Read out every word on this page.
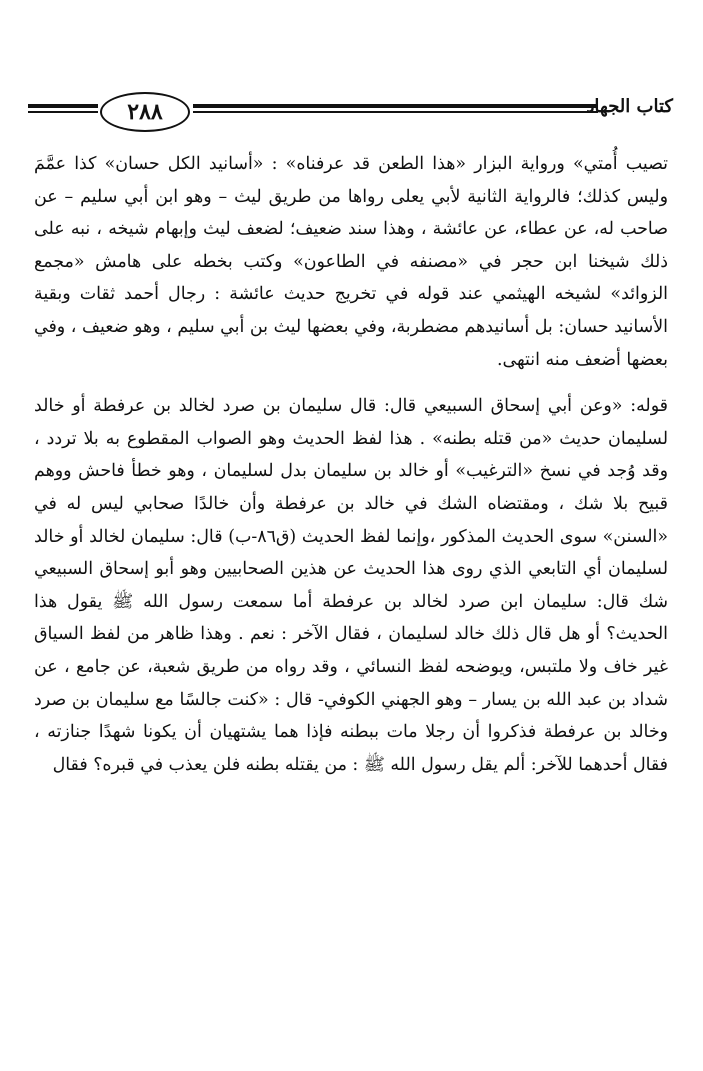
٢٨٨	كتاب الجهاد

تصيب أُمتي» ورواية البزار «هذا الطعن قد عرفناه» : «أسانيد الكل حسان» كذا عمَّمَ وليس كذلك؛ فالرواية الثانية لأبي يعلى رواها من طريق ليث – وهو ابن أبي سليم – عن صاحب له، عن عطاء، عن عائشة ، وهذا سند ضعيف؛ لضعف ليث وإبهام شيخه ، نبه على ذلك شيخنا ابن حجر في «مصنفه في الطاعون» وكتب بخطه على هامش «مجمع الزوائد» لشيخه الهيثمي عند قوله في تخريج حديث عائشة : رجال أحمد ثقات وبقية الأسانيد حسان: بل أسانيدهم مضطربة، وفي بعضها ليث بن أبي سليم ، وهو ضعيف ، وفي بعضها أضعف منه انتهى.

قوله: «وعن أبي إسحاق السبيعي قال: قال سليمان بن صرد لخالد بن عرفطة أو خالد لسليمان حديث «من قتله بطنه» . هذا لفظ الحديث وهو الصواب المقطوع به بلا تردد ، وقد وُجد في نسخ «الترغيب» أو خالد بن سليمان بدل لسليمان ، وهو خطأ فاحش ووهم قبيح بلا شك ، ومقتضاه الشك في خالد بن عرفطة وأن خالدًا صحابي ليس له في «السنن» سوى الحديث المذكور ،وإنما لفظ الحديث (ق٨٦-ب) قال: سليمان لخالد أو خالد لسليمان أي التابعي الذي روى هذا الحديث عن هذين الصحابيين وهو أبو إسحاق السبيعي شك قال: سليمان ابن صرد لخالد بن عرفطة أما سمعت رسول الله ﷺ يقول هذا الحديث؟ أو هل قال ذلك خالد لسليمان ، فقال الآخر : نعم . وهذا ظاهر من لفظ السياق غير خاف ولا ملتبس، ويوضحه لفظ النسائي ، وقد رواه من طريق شعبة، عن جامع ، عن شداد بن عبد الله بن يسار – وهو الجهني الكوفي- قال : «كنت جالسًا مع سليمان بن صرد وخالد بن عرفطة فذكروا أن رجلا مات ببطنه فإذا هما يشتهيان أن يكونا شهدًا جنازته ، فقال أحدهما للآخر: ألم يقل رسول الله ﷺ : من يقتله بطنه فلن يعذب في قبره؟ فقال
